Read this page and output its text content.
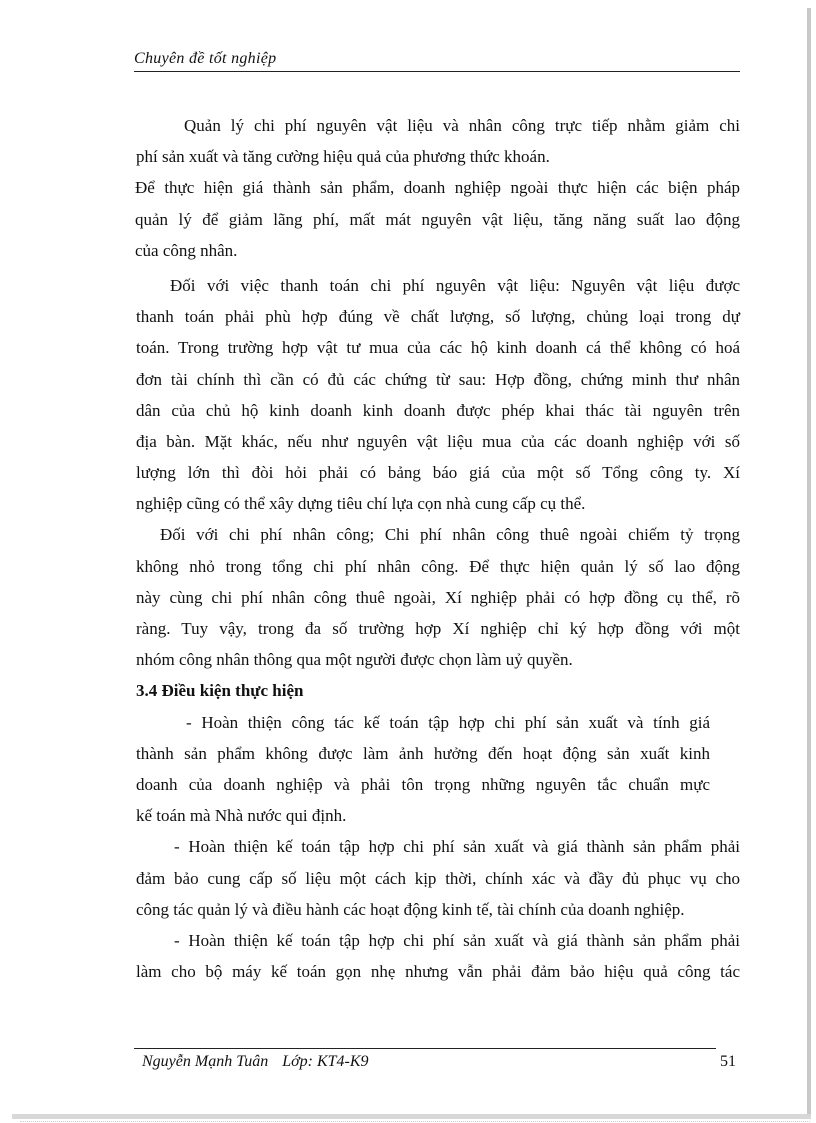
Chuyên đề tốt nghiệp
Quản lý chi phí nguyên vật liệu và nhân công trực tiếp nhằm giảm chi
phí sản xuất và tăng cường hiệu quả của phương thức khoán.
Để thực hiện giá thành sản phẩm, doanh nghiệp ngoài thực hiện các biện pháp
quản lý để giảm lãng phí, mất mát nguyên vật liệu, tăng năng suất lao động
của công nhân.
Đối với việc thanh toán chi phí nguyên vật liệu: Nguyên vật liệu được
thanh toán phải phù hợp đúng về chất lượng, số lượng, chủng loại trong dự
toán. Trong trường hợp vật tư mua của các hộ kinh doanh cá thể không có hoá
đơn tài chính thì cần có đủ các chứng từ sau: Hợp đồng, chứng minh thư nhân
dân của chủ hộ kinh doanh kinh doanh được phép khai thác tài nguyên trên
địa bàn. Mặt khác, nếu như nguyên vật liệu mua của các doanh nghiệp với số
lượng lớn thì đòi hỏi phải có bảng báo giá của một số Tổng công ty. Xí
nghiệp cũng có thể xây dựng tiêu chí lựa cọn nhà cung cấp cụ thể.
Đối với chi phí nhân công; Chi phí nhân công thuê ngoài chiếm tỷ trọng
không nhỏ trong tổng chi phí nhân công. Để thực hiện quản lý số lao động
này cùng chi phí nhân công thuê ngoài, Xí nghiệp phải có hợp đồng cụ thể, rõ
ràng. Tuy vậy, trong đa số trường hợp Xí nghiệp chỉ ký hợp đồng với một
nhóm công nhân thông qua một người được chọn làm uỷ quyền.
3.4 Điều kiện thực hiện
- Hoàn thiện công tác kế toán tập hợp chi phí sản xuất và tính giá
thành sản phẩm không được làm ảnh hưởng đến hoạt động sản xuất kinh
doanh của doanh nghiệp và phải tôn trọng những nguyên tắc chuẩn mực
kế toán mà Nhà nước qui định.
- Hoàn thiện kế toán tập hợp chi phí sản xuất và giá thành sản phẩm phải
đảm bảo cung cấp số liệu một cách kịp thời, chính xác và đầy đủ phục vụ cho
công tác quản lý và điều hành các hoạt động kinh tế, tài chính của doanh nghiệp.
- Hoàn thiện kế toán tập hợp chi phí sản xuất và giá thành sản phẩm phải
làm cho bộ máy kế toán gọn nhẹ nhưng vẫn phải đảm bảo hiệu quả công tác
Nguyễn Mạnh Tuân Lớp: KT4-K9	51
